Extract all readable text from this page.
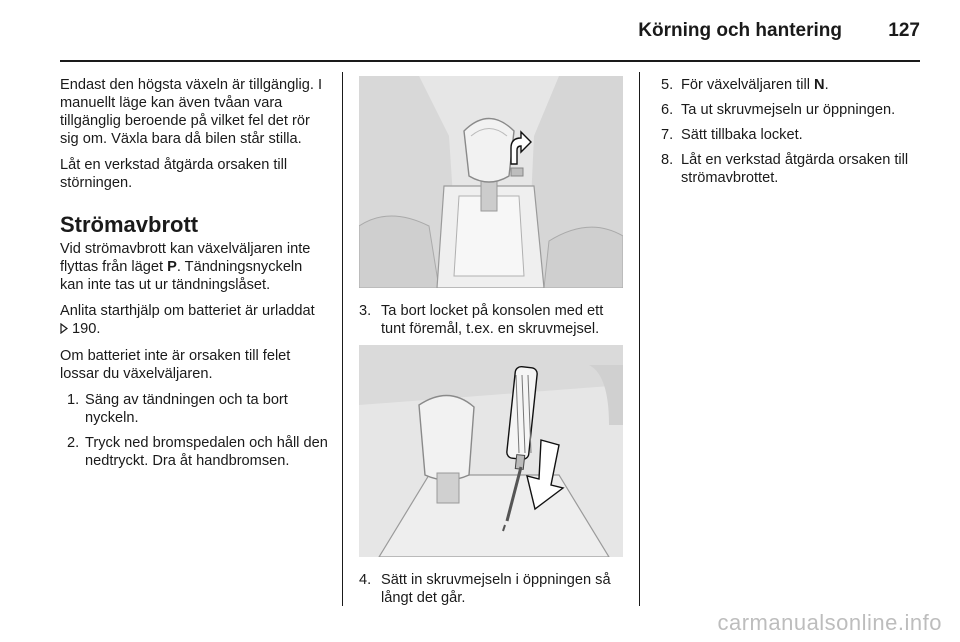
Körning och hantering 127

Endast den högsta växeln är tillgänglig. I manuellt läge kan även tvåan vara tillgänglig beroende på vilket fel det rör sig om. Växla bara då bilen står stilla.

Låt en verkstad åtgärda orsaken till störningen.

Strömavbrott

Vid strömavbrott kan växelväljaren inte flyttas från läget P. Tändningsnyckeln kan inte tas ut ur tändningslåset.

Anlita starthjälp om batteriet är urladdat 190.

Om batteriet inte är orsaken till felet lossar du växelväljaren.

1. Säng av tändningen och ta bort nyckeln.
2. Tryck ned bromspedalen och håll den nedtryckt. Dra åt handbromsen.
3. Ta bort locket på konsolen med ett tunt föremål, t.ex. en skruvmejsel.
4. Sätt in skruvmejseln i öppningen så långt det går.
5. För växelväljaren till N.
6. Ta ut skruvmejseln ur öppningen.
7. Sätt tillbaka locket.
8. Låt en verkstad åtgärda orsaken till strömavbrottet.
carmanualsonline.info
